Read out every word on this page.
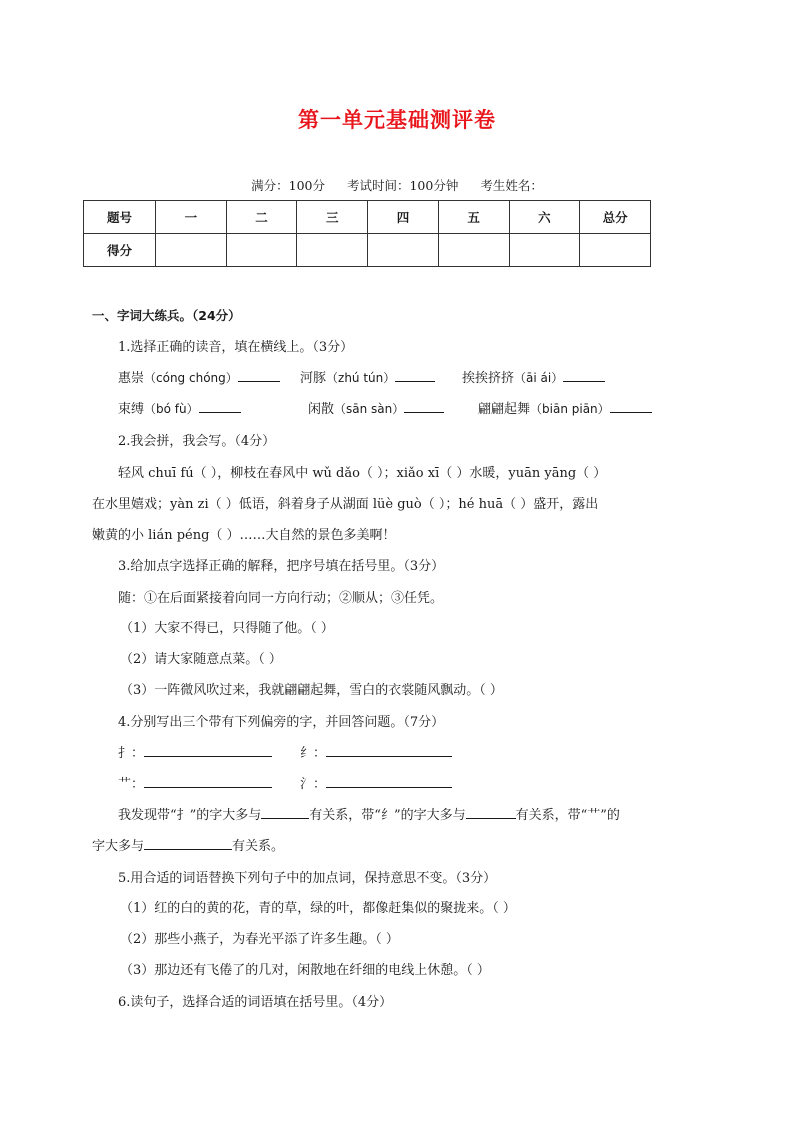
第一单元基础测评卷
满分：100分 考试时间：100分钟 考生姓名：
题号	一	二	三	四	五	六	总分
得分							
一、字词大练兵。（24分）
1.选择正确的读音，填在横线上。（3分）
惠崇（cóng chóng）	河豚（zhú tún）	挨挨挤挤（āi ái）
束缚（bó fù）	闲散（sān sàn）	翩翩起舞（biān piān）
2.我会拼，我会写。（4分）
轻风 chuī fú（ ），柳枝在春风中 wǔ dǎo（ ）；xiǎo xī（ ）水暖，yuān yāng（ ）
在水里嬉戏；yàn zi（ ）低语，斜着身子从湖面 lüè guò（ ）；hé huā（ ）盛开，露出
嫩黄的小 lián péng（ ）……大自然的景色多美啊！
3.给加点字选择正确的解释，把序号填在括号里。（3分）
随：①在后面紧接着向同一方向行动；②顺从；③任凭。
（1）大家不得已，只得随了他。（ ）
（2）请大家随意点菜。（ ）
（3）一阵微风吹过来，我就翩翩起舞，雪白的衣裳随风飘动。（ ）
4.分别写出三个带有下列偏旁的字，并回答问题。（7分）
扌：	纟：
艹：	氵：
我发现带“扌”的字大多与	有关系，带“纟”的字大多与	有关系，带“艹”的
字大多与	有关系。
5.用合适的词语替换下列句子中的加点词，保持意思不变。（3分）
（1）红的白的黄的花，青的草，绿的叶，都像赶集似的聚拢来。（ ）
（2）那些小燕子，为春光平添了许多生趣。（ ）
（3）那边还有飞倦了的几对，闲散地在纤细的电线上休憩。（ ）
6.读句子，选择合适的词语填在括号里。（4分）
